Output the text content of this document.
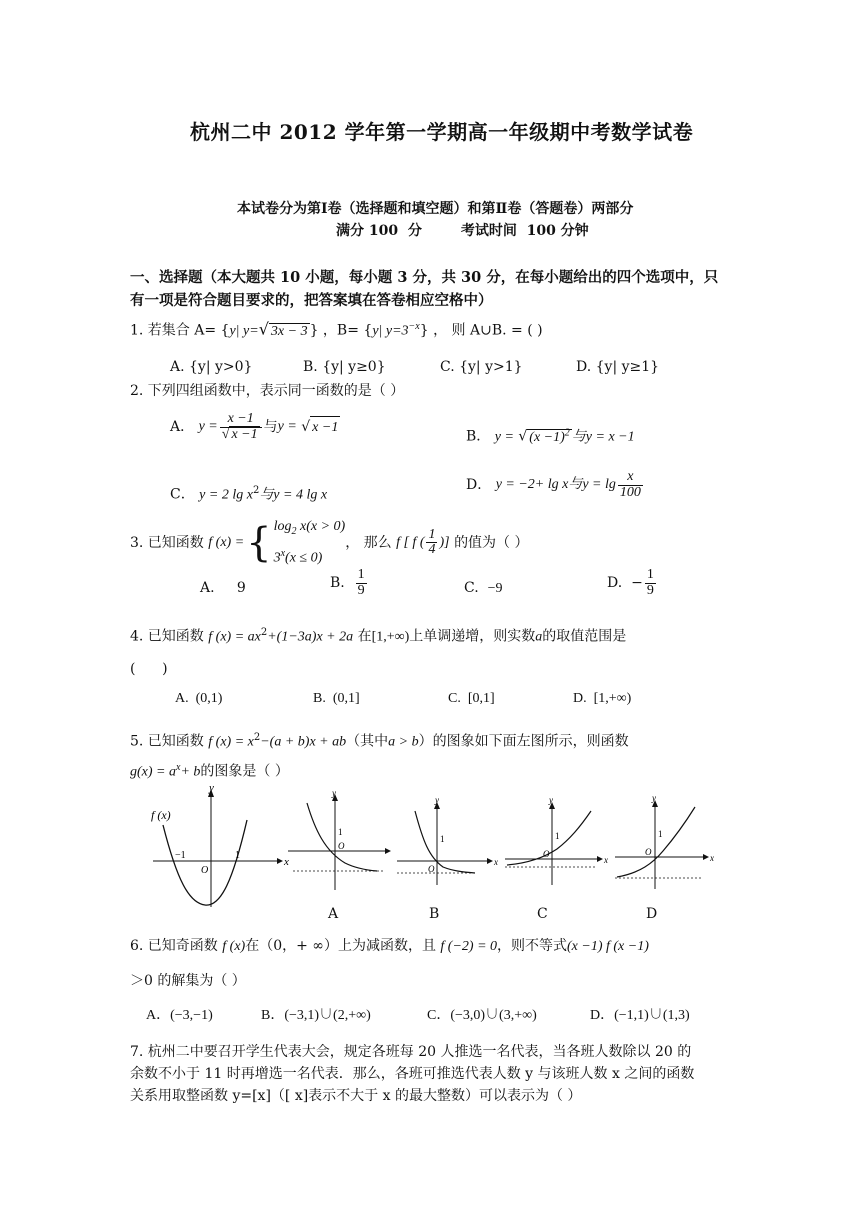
杭州二中 2012 学年第一学期高一年级期中考数学试卷
本试卷分为第Ⅰ卷（选择题和填空题）和第Ⅱ卷（答题卷）两部分
满分 100  分        考试时间  100 分钟
一、选择题（本大题共 10 小题，每小题 3 分，共 30 分，在每小题给出的四个选项中，只
有一项是符合题目要求的，把答案填在答卷相应空格中）
1. 若集合 A= {y| y=√ 3x − 3 } ，B= {y| $y=3^{-x}$} ， 则 A∪B. = ( )
A. {y| y>0}	B. {y| y≥0}	C. {y| y>1}	D. {y| y≥1}
2. 下列四组函数中，表示同一函数的是（ ）
A．
$y = \frac{x -1}{√ x -1}$ 与 y =
√ x −1
B． y = √ $(x -1)^2$ 与y = x −1
C． y = 2 $\lg x^2$与y = 4 lg x
D．
y = −2+ lg x与$y = \lg \frac{x}{100}$
3. 已知函数
f (x) = { $\log_2 x(x > 0)$
$3^x(x \le 0)$
， 那么
f [ f ( $\frac{1}{4}$ )]
的值为（ ）
A. 9	B.
$\frac{1}{9}$	C. −9	D.
− $\frac{1}{9}$
4. 已知函数 f $(x) = ax^2+(1-3a)x + 2a$ 在[1,+∞)上单调递增，则实数a的取值范围是
(      )
A.  (0,1)	B.  (0,1]	C.  [0,1]	D.  [1,+∞)
5. 已知函数 f $(x) = x^2-(a + b)x + ab$（其中a > b）的图象如下面左图所示，则函数
$g(x) = a^x+ b$的图象是（ ）
f (x)
y
x
O
−1	1
y
1
O
x
y
1
O
x
y
1
O	x
y
1
O
A	B	C	D
6. 已知奇函数 f (x)在（0，+ ∞）上为减函数，且 f (−2) = 0，则不等式(x −1) f (x −1)
＞0 的解集为（ ）
A．(−3,−1)	B．(−3,1)∪(2,+∞)	C．(−3,0)∪(3,+∞)	D．(−1,1)∪(1,3)
7. 杭州二中要召开学生代表大会，规定各班每 20 人推选一名代表，当各班人数除以 20 的
余数不小于 11 时再增选一名代表．那么，各班可推选代表人数 y 与该班人数 x 之间的函数
关系用取整函数 y=[x]（[ x]表示不大于 x 的最大整数）可以表示为（ ）
